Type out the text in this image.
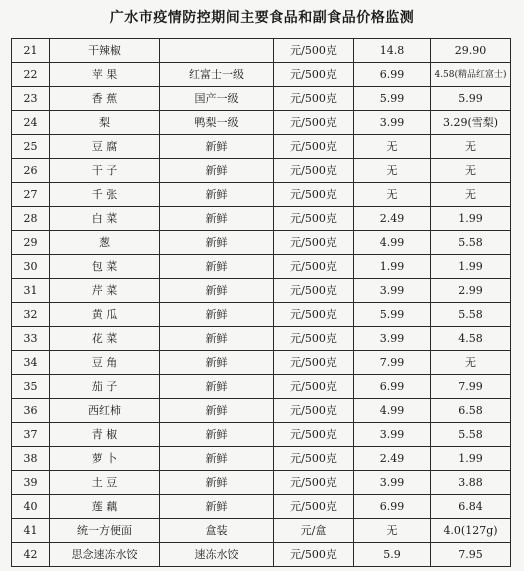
广水市疫情防控期间主要食品和副食品价格监测
21	干辣椒		元/500克	14.8	29.90
22	苹 果	红富士一级	元/500克	6.99	4.58(精品红富士)
23	香 蕉	国产一级	元/500克	5.99	5.99
24	梨	鸭梨一级	元/500克	3.99	3.29(雪梨)
25	豆 腐	新鲜	元/500克	无	无
26	干 子	新鲜	元/500克	无	无
27	千 张	新鲜	元/500克	无	无
28	白 菜	新鲜	元/500克	2.49	1.99
29	葱	新鲜	元/500克	4.99	5.58
30	包 菜	新鲜	元/500克	1.99	1.99
31	芹 菜	新鲜	元/500克	3.99	2.99
32	黄 瓜	新鲜	元/500克	5.99	5.58
33	花 菜	新鲜	元/500克	3.99	4.58
34	豆 角	新鲜	元/500克	7.99	无
35	茄 子	新鲜	元/500克	6.99	7.99
36	西红柿	新鲜	元/500克	4.99	6.58
37	青 椒	新鲜	元/500克	3.99	5.58
38	萝 卜	新鲜	元/500克	2.49	1.99
39	土 豆	新鲜	元/500克	3.99	3.88
40	莲 藕	新鲜	元/500克	6.99	6.84
41	统一方便面	盒装	元/盒	无	4.0(127g)
42	思念速冻水饺	速冻水饺	元/500克	5.9	7.95
